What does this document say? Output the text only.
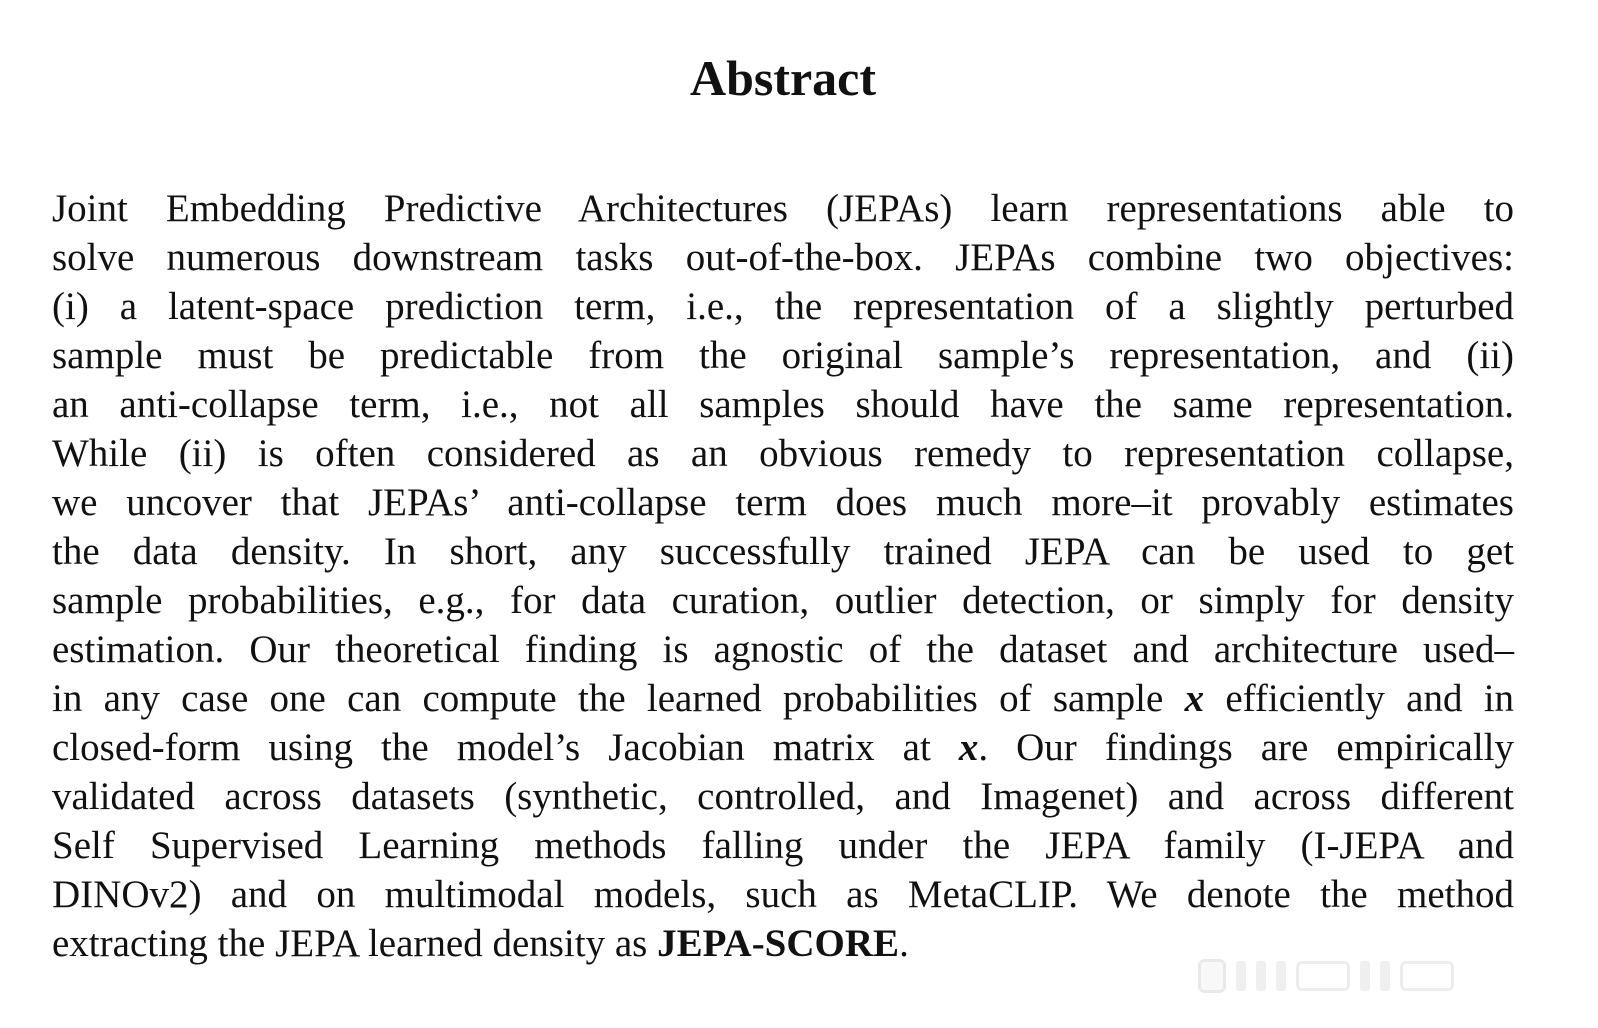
Abstract
Joint Embedding Predictive Architectures (JEPAs) learn representations able to
solve numerous downstream tasks out-of-the-box. JEPAs combine two objectives:
(i) a latent-space prediction term, i.e., the representation of a slightly perturbed
sample must be predictable from the original sample’s representation, and (ii)
an anti-collapse term, i.e., not all samples should have the same representation.
While (ii) is often considered as an obvious remedy to representation collapse,
we uncover that JEPAs’ anti-collapse term does much more–it provably estimates
the data density. In short, any successfully trained JEPA can be used to get
sample probabilities, e.g., for data curation, outlier detection, or simply for density
estimation. Our theoretical finding is agnostic of the dataset and architecture used–
in any case one can compute the learned probabilities of sample x efficiently and in
closed-form using the model’s Jacobian matrix at x. Our findings are empirically
validated across datasets (synthetic, controlled, and Imagenet) and across different
Self Supervised Learning methods falling under the JEPA family (I-JEPA and
DINOv2) and on multimodal models, such as MetaCLIP. We denote the method
extracting the JEPA learned density as JEPA-SCORE.
